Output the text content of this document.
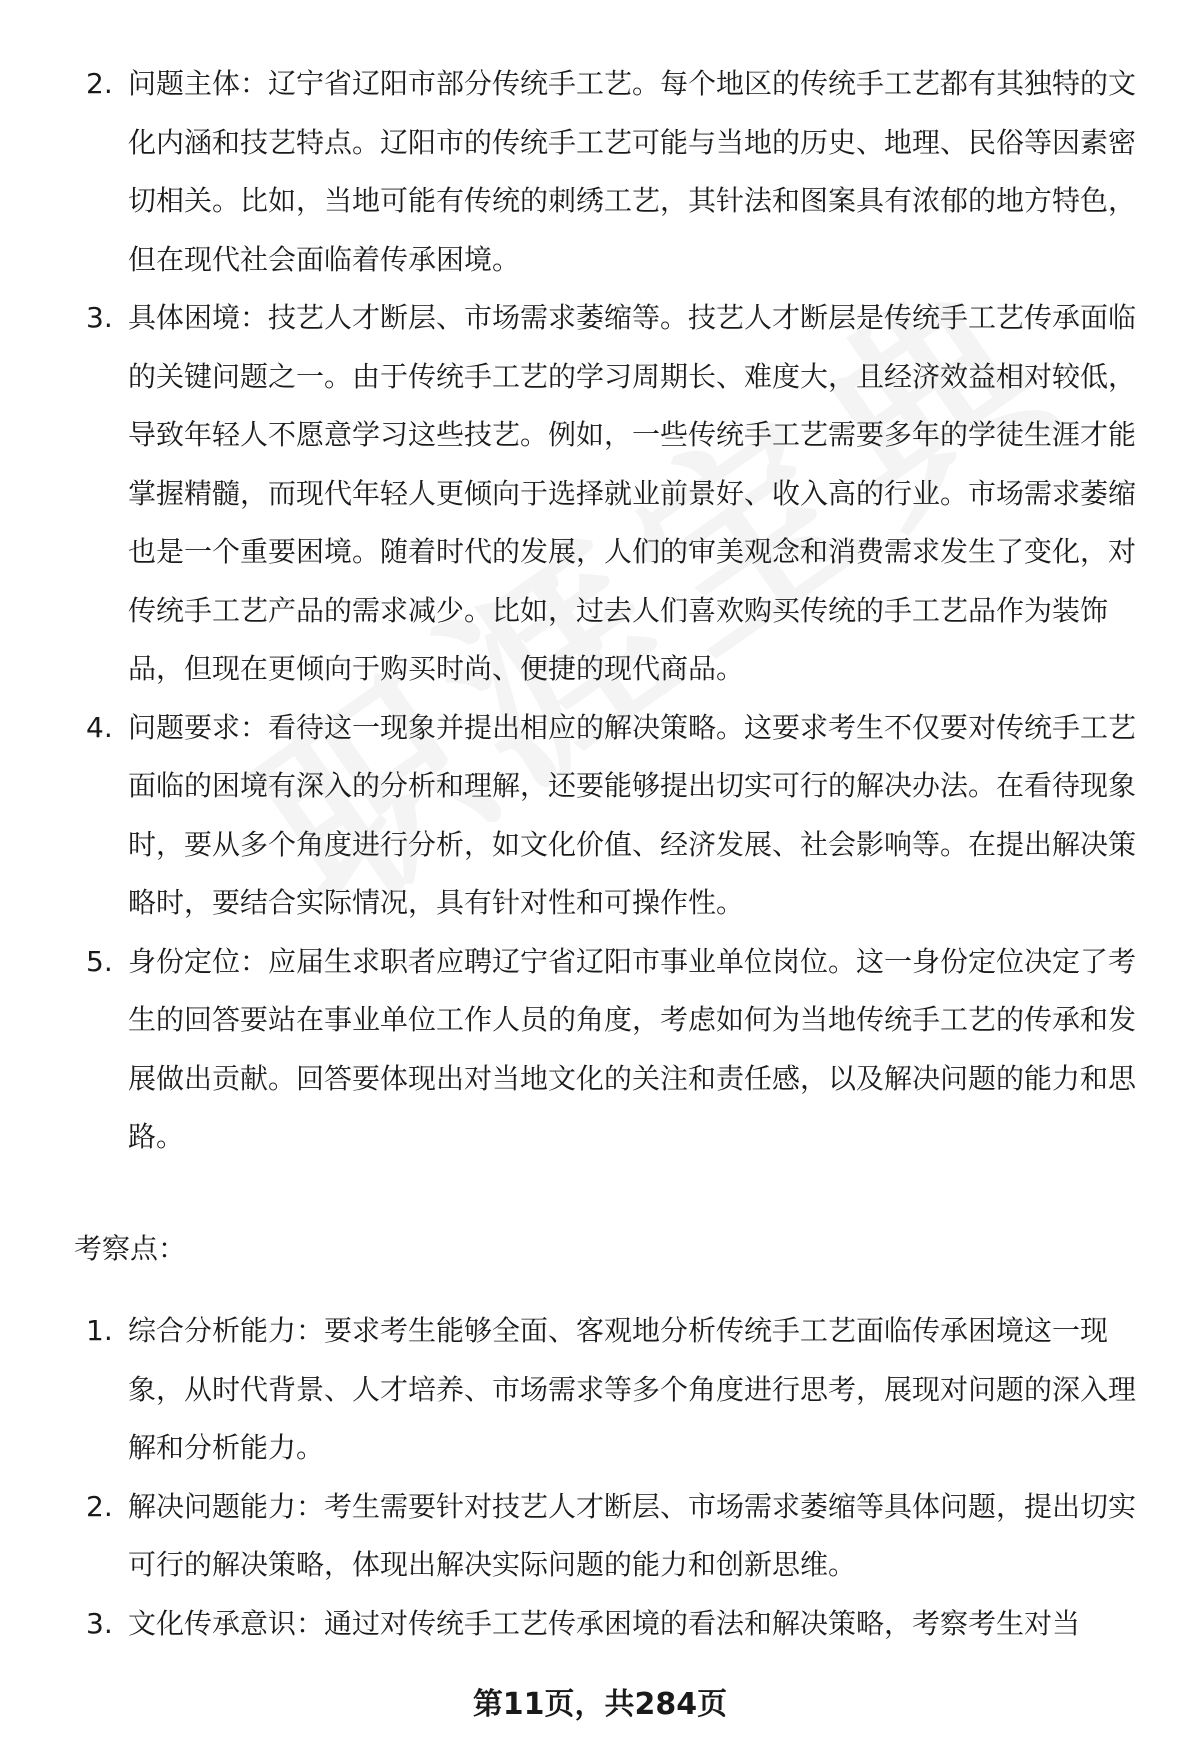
2. 问题主体：辽宁省辽阳市部分传统手工艺。每个地区的传统手工艺都有其独特的文化内涵和技艺特点。辽阳市的传统手工艺可能与当地的历史、地理、民俗等因素密切相关。比如，当地可能有传统的刺绣工艺，其针法和图案具有浓郁的地方特色，但在现代社会面临着传承困境。
3. 具体困境：技艺人才断层、市场需求萎缩等。技艺人才断层是传统手工艺传承面临的关键问题之一。由于传统手工艺的学习周期长、难度大，且经济效益相对较低，导致年轻人不愿意学习这些技艺。例如，一些传统手工艺需要多年的学徒生涯才能掌握精髓，而现代年轻人更倾向于选择就业前景好、收入高的行业。市场需求萎缩也是一个重要困境。随着时代的发展，人们的审美观念和消费需求发生了变化，对传统手工艺产品的需求减少。比如，过去人们喜欢购买传统的手工艺品作为装饰品，但现在更倾向于购买时尚、便捷的现代商品。
4. 问题要求：看待这一现象并提出相应的解决策略。这要求考生不仅要对传统手工艺面临的困境有深入的分析和理解，还要能够提出切实可行的解决办法。在看待现象时，要从多个角度进行分析，如文化价值、经济发展、社会影响等。在提出解决策略时，要结合实际情况，具有针对性和可操作性。
5. 身份定位：应届生求职者应聘辽宁省辽阳市事业单位岗位。这一身份定位决定了考生的回答要站在事业单位工作人员的角度，考虑如何为当地传统手工艺的传承和发展做出贡献。回答要体现出对当地文化的关注和责任感，以及解决问题的能力和思路。
考察点：
1. 综合分析能力：要求考生能够全面、客观地分析传统手工艺面临传承困境这一现象，从时代背景、人才培养、市场需求等多个角度进行思考，展现对问题的深入理解和分析能力。
2. 解决问题能力：考生需要针对技艺人才断层、市场需求萎缩等具体问题，提出切实可行的解决策略，体现出解决实际问题的能力和创新思维。
3. 文化传承意识：通过对传统手工艺传承困境的看法和解决策略，考察考生对当
第11页，共284页
